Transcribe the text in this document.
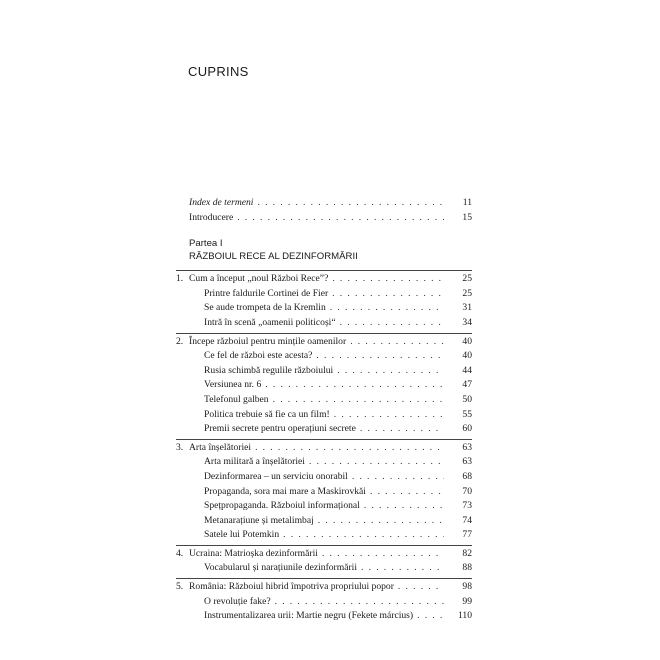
CUPRINS
Index de termeni . . .	11
Introducere . . .	15
Partea I
RĂZBOIUL RECE AL DEZINFORMĂRII
1. Cum a început „noul Război Rece”? . . .	25
Printre faldurile Cortinei de Fier . . .	25
Se aude trompeta de la Kremlin . . .	31
Intră în scenă „oamenii politicoși“ . . .	34
2. Începe războiul pentru mințile oamenilor . . .	40
Ce fel de război este acesta? . . .	40
Rusia schimbă regulile războiului . . .	44
Versiunea nr. 6 . . .	47
Telefonul galben . . .	50
Politica trebuie să fie ca un film! . . .	55
Premii secrete pentru operațiuni secrete . . .	60
3. Arta înșelătoriei . . .	63
Arta militară a înșelătoriei . . .	63
Dezinformarea – un serviciu onorabil . . .	68
Propaganda, sora mai mare a Maskirovkăi . . .	70
Spețpropaganda. Războiul informațional . . .	73
Metanarațiune și metalimbaj . . .	74
Satele lui Potemkin . . .	77
4. Ucraina: Matrioșka dezinformării . . .	82
Vocabularul și narațiunile dezinformării . . .	88
5. România: Războiul hibrid împotriva propriului popor . . .	98
O revoluție fake? . . .	99
Instrumentalizarea urii: Martie negru (Fekete március) . . .	110
